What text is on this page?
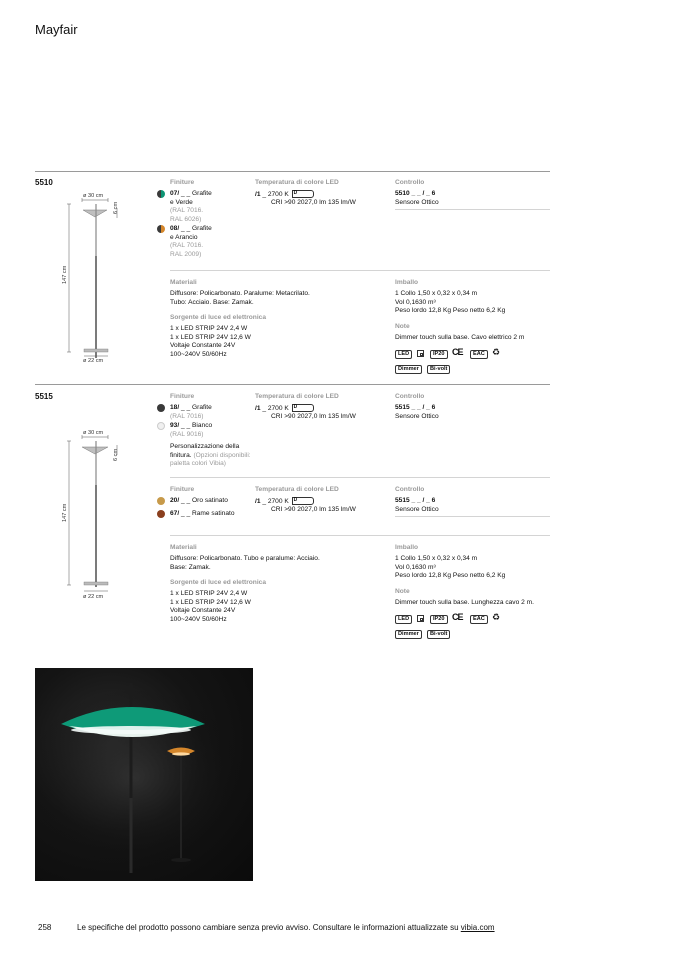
Mayfair
5510
ø 30 cm
6 cm
147 cm
ø 22 cm
Finiture
07/ _ _ Grafite
e Verde
(RAL 7016.
RAL 6026)
08/ _ _ Grafite
e Arancio
(RAL 7016.
RAL 2009)
Temperatura di colore LED
/1 _ 2700 K D
CRI >90 2027,0 lm 135 lm/W
Controllo
5510 _ _ / _ 6
Sensore Ottico
Materiali
Diffusore: Policarbonato. Paralume: Metacrilato.
Tubo: Acciaio. Base: Zamak.
Sorgente di luce ed elettronica
1 x LED STRIP 24V 2,4 W
1 x LED STRIP 24V 12,6 W
Voltaje Constante 24V
100~240V 50/60Hz
Imballo
1 Collo 1,50 x 0,32 x 0,34 m
Vol 0,1630 m³
Peso lordo 12,8 Kg Peso netto 6,2 Kg
Note
Dimmer touch sulla base. Cavo elettrico 2 m
LED	IP20 CE	EAC ♻
Dimmer	Bi-volt
5515
ø 30 cm
6 cm
147 cm
ø 22 cm
Finiture
18/ _ _ Grafite
(RAL 7016)
93/ _ _ Bianco
(RAL 9016)
Personalizzazione della
finitura. (Opzioni disponibili:
paletta colori Vibia)
Temperatura di colore LED
/1 _ 2700 K D
CRI >90 2027,0 lm 135 lm/W
Controllo
5515 _ _ / _ 6
Sensore Ottico
Finiture
20/ _ _ Oro satinato
67/ _ _ Rame satinato
Temperatura di colore LED
/1 _ 2700 K D
CRI >90 2027,0 lm 135 lm/W
Controllo
5515 _ _ / _ 6
Sensore Ottico
Materiali
Diffusore: Policarbonato. Tubo e paralume: Acciaio.
Base: Zamak.
Sorgente di luce ed elettronica
1 x LED STRIP 24V 2,4 W
1 x LED STRIP 24V 12,6 W
Voltaje Constante 24V
100~240V 50/60Hz
Imballo
1 Collo 1,50 x 0,32 x 0,34 m
Vol 0,1630 m³
Peso lordo 12,8 Kg Peso netto 6,2 Kg
Note
Dimmer touch sulla base. Lunghezza cavo 2 m.
LED	IP20 CE	EAC ♻
Dimmer	Bi-volt
258	Le specifiche del prodotto possono cambiare senza previo avviso. Consultare le informazioni attualizzate su vibia.com
